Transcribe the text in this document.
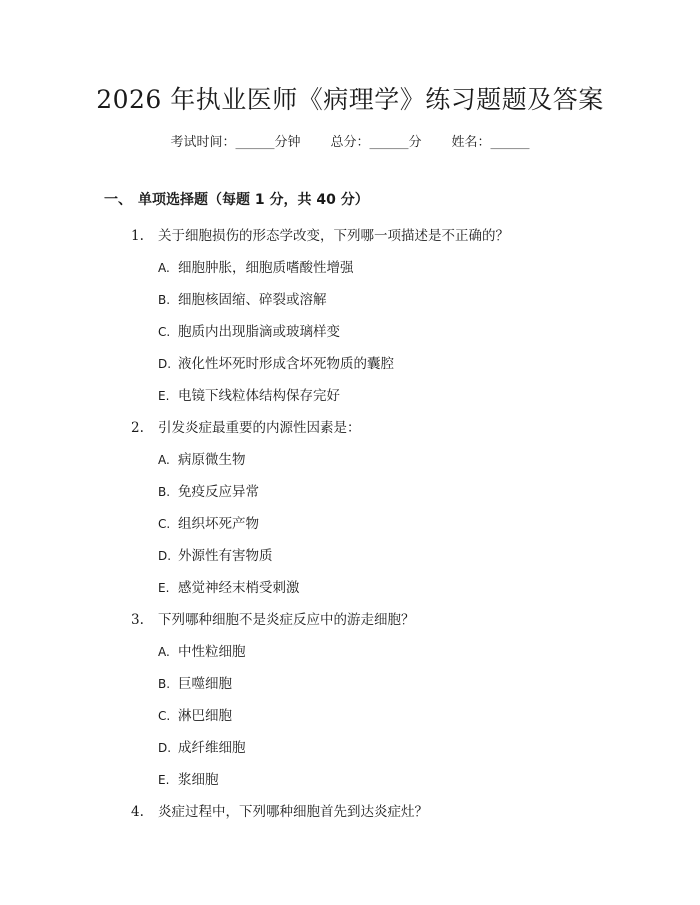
2026 年执业医师《病理学》练习题题及答案
考试时间：______分钟 总分：______分 姓名：______
一、 单项选择题（每题 1 分，共 40 分）
1. 关于细胞损伤的形态学改变，下列哪一项描述是不正确的？
A. 细胞肿胀，细胞质嗜酸性增强
B. 细胞核固缩、碎裂或溶解
C. 胞质内出现脂滴或玻璃样变
D. 液化性坏死时形成含坏死物质的囊腔
E. 电镜下线粒体结构保存完好
2. 引发炎症最重要的内源性因素是：
A. 病原微生物
B. 免疫反应异常
C. 组织坏死产物
D. 外源性有害物质
E. 感觉神经末梢受刺激
3. 下列哪种细胞不是炎症反应中的游走细胞？
A. 中性粒细胞
B. 巨噬细胞
C. 淋巴细胞
D. 成纤维细胞
E. 浆细胞
4. 炎症过程中，下列哪种细胞首先到达炎症灶？
